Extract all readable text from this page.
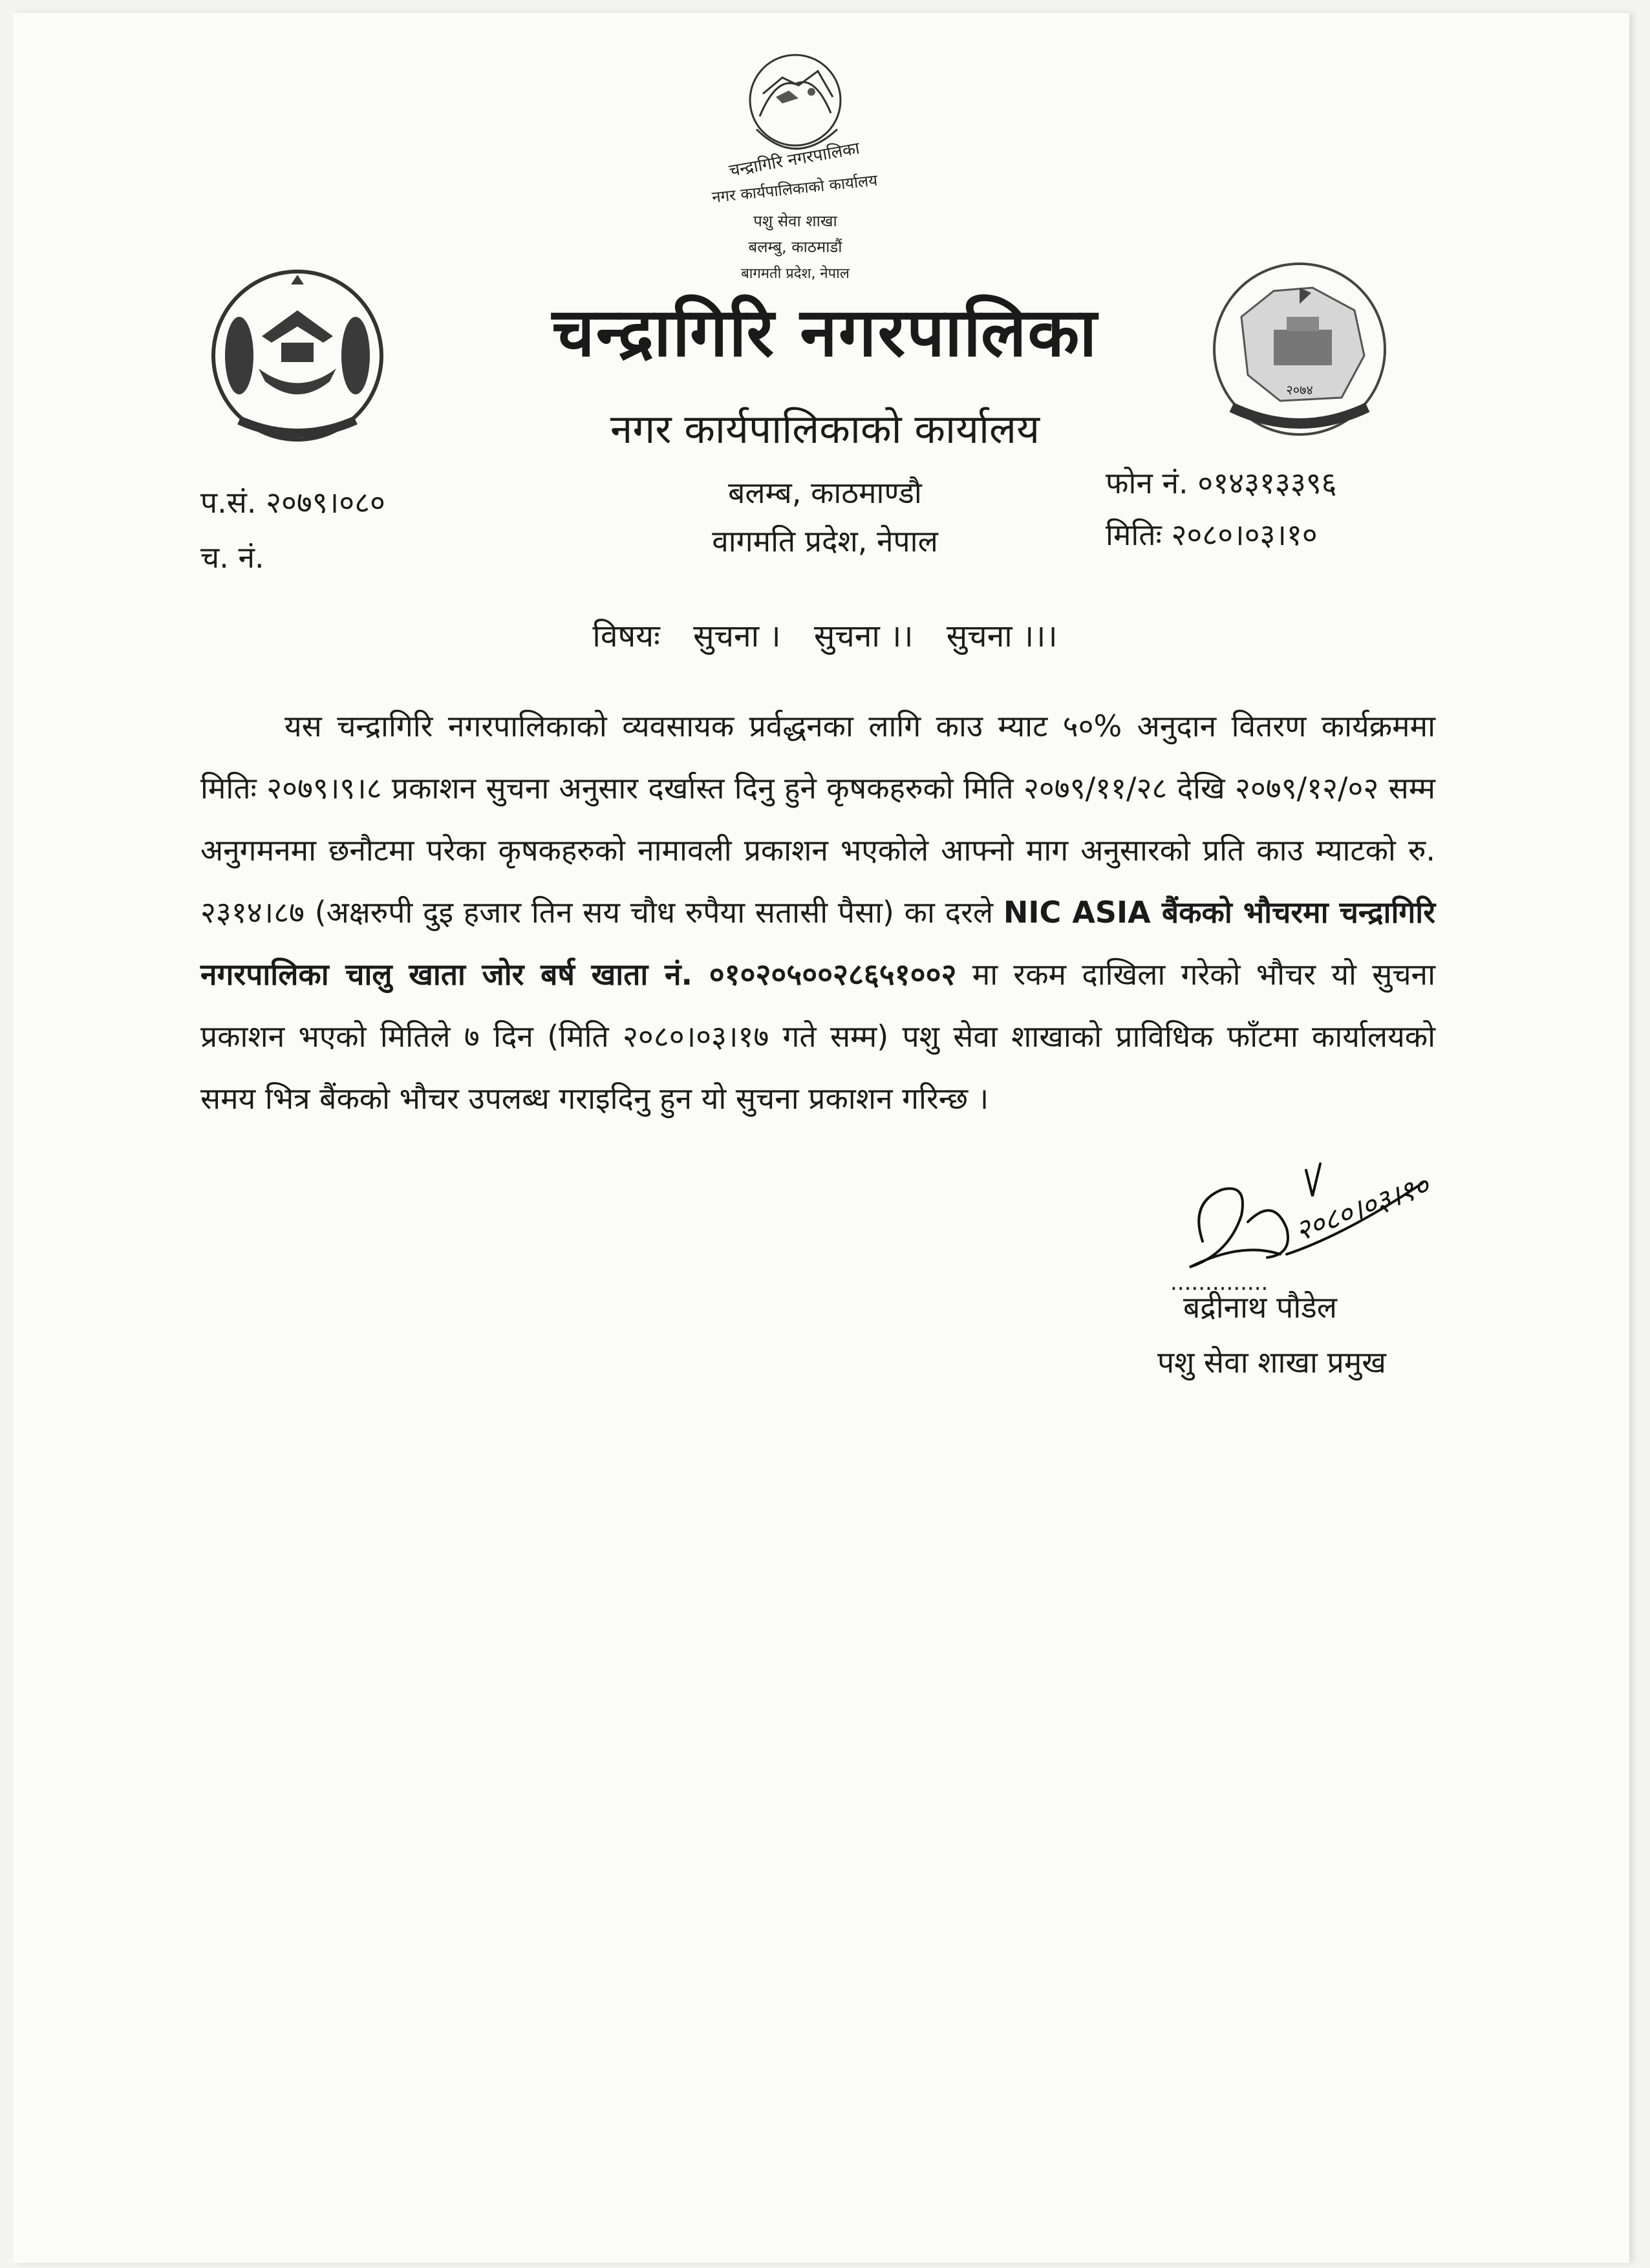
चन्द्रागिरि नगरपालिका
नगर कार्यपालिकाको कार्यालय
पशु सेवा शाखा
बलम्बु, काठमाडौं
बागमती प्रदेश, नेपाल
२०७४
चन्द्रागिरि नगरपालिका
नगर कार्यपालिकाको कार्यालय
बलम्ब, काठमाण्डौ
वागमति प्रदेश, नेपाल
प.सं. २०७९।०८०
च. नं.
फोन नं. ०१४३१३३९६
मितिः २०८०।०३।१०
विषयः सुचना । सुचना ।। सुचना ।।।
यस चन्द्रागिरि नगरपालिकाको व्यवसायक प्रर्वद्धनका लागि काउ म्याट ५०% अनुदान वितरण कार्यक्रममा मितिः २०७९।९।८ प्रकाशन सुचना अनुसार दर्खास्त दिनु हुने कृषकहरुको मिति २०७९/११/२८ देखि २०७९/१२/०२ सम्म अनुगमनमा छनौटमा परेका कृषकहरुको नामावली प्रकाशन भएकोले आफ्नो माग अनुसारको प्रति काउ म्याटको रु. २३१४।८७ (अक्षरुपी दुइ हजार तिन सय चौध रुपैया सतासी पैसा) का दरले NIC ASIA बैंकको भौचरमा चन्द्रागिरि नगरपालिका चालु खाता जोर बर्ष खाता नं. ०१०२०५००२८६५१००२ मा रकम दाखिला गरेको भौचर यो सुचना प्रकाशन भएको मितिले ७ दिन (मिति २०८०।०३।१७ गते सम्म) पशु सेवा शाखाको प्राविधिक फाँटमा कार्यालयको समय भित्र बैंकको भौचर उपलब्ध गराइदिनु हुन यो सुचना प्रकाशन गरिन्छ ।
२०८०।०३।१०
..............
बद्रीनाथ पौडेल
पशु सेवा शाखा प्रमुख
